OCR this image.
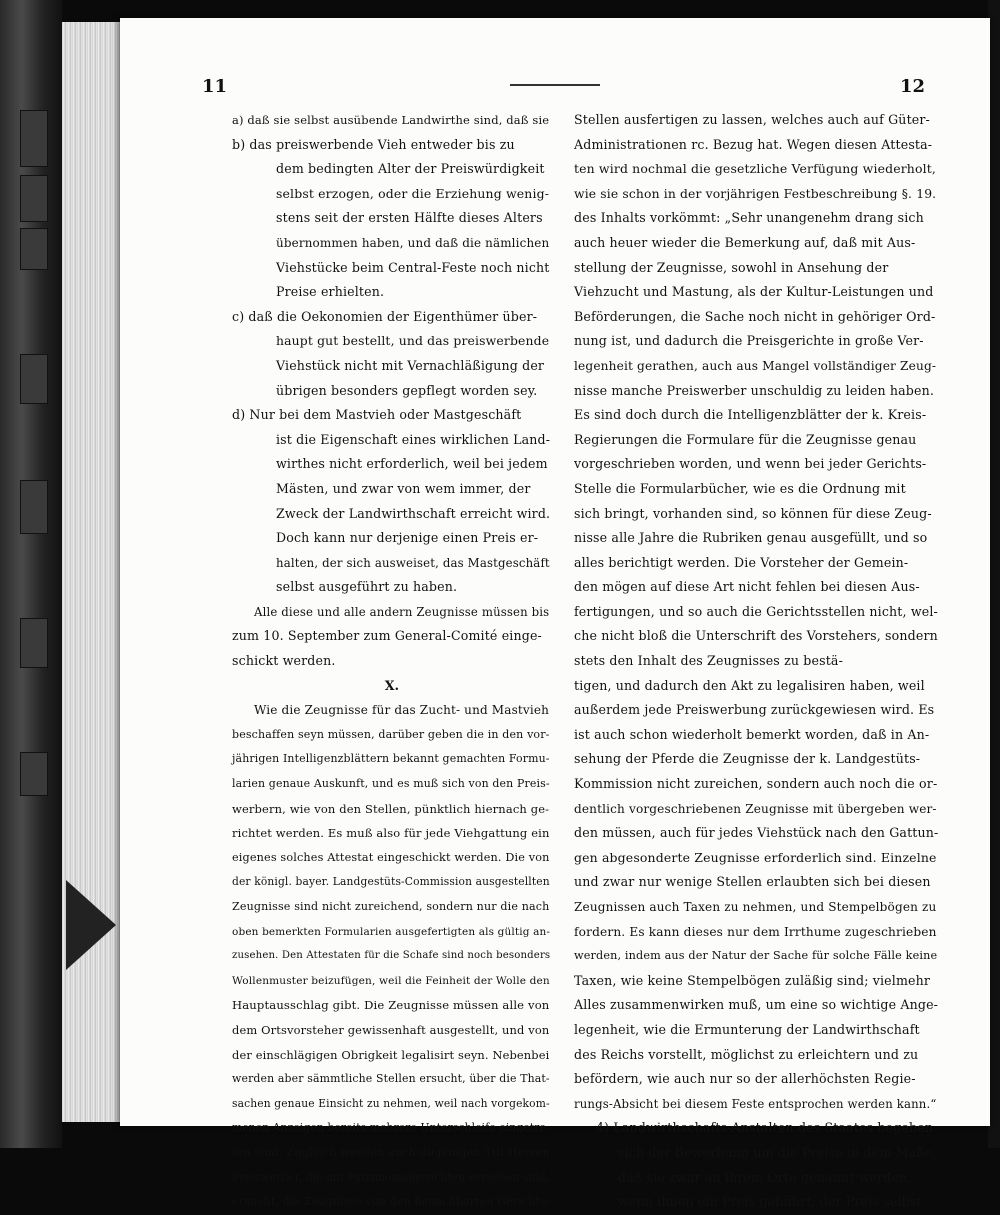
11	12

a) daß sie selbst ausübende Landwirthe sind, daß sie

b) das preiswerbende Vieh entweder bis zu

dem bedingten Alter der Preiswürdigkeit

selbst erzogen, oder die Erziehung wenig-

stens seit der ersten Hälfte dieses Alters

übernommen haben, und daß die nämlichen

Viehstücke beim Central-Feste noch nicht

Preise erhielten.

c) daß die Oekonomien der Eigenthümer über-

haupt gut bestellt, und das preiswerbende

Viehstück nicht mit Vernachläßigung der

übrigen besonders gepflegt worden sey.

d) Nur bei dem Mastvieh oder Mastgeschäft

ist die Eigenschaft eines wirklichen Land-

wirthes nicht erforderlich, weil bei jedem

Mästen, und zwar von wem immer, der

Zweck der Landwirthschaft erreicht wird.

Doch kann nur derjenige einen Preis er-

halten, der sich ausweiset, das Mastgeschäft

selbst ausgeführt zu haben.

Alle diese und alle andern Zeugnisse müssen bis

zum 10. September zum General-Comité einge-

schickt werden.

X.

Wie die Zeugnisse für das Zucht- und Mastvieh

beschaffen seyn müssen, darüber geben die in den vor-

jährigen Intelligenzblättern bekannt gemachten Formu-

larien genaue Auskunft, und es muß sich von den Preis-

werbern, wie von den Stellen, pünktlich hiernach ge-

richtet werden. Es muß also für jede Viehgattung ein

eigenes solches Attestat eingeschickt werden. Die von

der königl. bayer. Landgestüts-Commission ausgestellten

Zeugnisse sind nicht zureichend, sondern nur die nach

oben bemerkten Formularien ausgefertigten als gültig an-

zusehen. Den Attestaten für die Schafe sind noch besonders

Wollenmuster beizufügen, weil die Feinheit der Wolle den

Hauptausschlag gibt. Die Zeugnisse müssen alle von

dem Ortsvorsteher gewissenhaft ausgestellt, und von

der einschlägigen Obrigkeit legalisirt seyn. Nebenbei

werden aber sämmtliche Stellen ersucht, über die That-

sachen genaue Einsicht zu nehmen, weil nach vorgekom-

menen Anzeigen bereits mehrere Unterschleife eingetre-

ten sind. Zugleich werden auch diejenigen Titl Herren

Preiswerber, die mit Patrimonialgerichten versehen sind,

ersucht, die Zeugnisse von den benachbarten Gerichts-

Stellen ausfertigen zu lassen, welches auch auf Güter-

Administrationen rc. Bezug hat. Wegen diesen Attesta-

ten wird nochmal die gesetzliche Verfügung wiederholt,

wie sie schon in der vorjährigen Festbeschreibung §. 19.

des Inhalts vorkömmt: „Sehr unangenehm drang sich

auch heuer wieder die Bemerkung auf, daß mit Aus-

stellung der Zeugnisse, sowohl in Ansehung der

Viehzucht und Mastung, als der Kultur-Leistungen und

Beförderungen, die Sache noch nicht in gehöriger Ord-

nung ist, und dadurch die Preisgerichte in große Ver-

legenheit gerathen, auch aus Mangel vollständiger Zeug-

nisse manche Preiswerber unschuldig zu leiden haben.

Es sind doch durch die Intelligenzblätter der k. Kreis-

Regierungen die Formulare für die Zeugnisse genau

vorgeschrieben worden, und wenn bei jeder Gerichts-

Stelle die Formularbücher, wie es die Ordnung mit

sich bringt, vorhanden sind, so können für diese Zeug-

nisse alle Jahre die Rubriken genau ausgefüllt, und so

alles berichtigt werden. Die Vorsteher der Gemein-

den mögen auf diese Art nicht fehlen bei diesen Aus-

fertigungen, und so auch die Gerichtsstellen nicht, wel-

che nicht bloß die Unterschrift des Vorstehers, sondern

stets den Inhalt des Zeugnisses zu bestä-

tigen, und dadurch den Akt zu legalisiren haben, weil

außerdem jede Preiswerbung zurückgewiesen wird. Es

ist auch schon wiederholt bemerkt worden, daß in An-

sehung der Pferde die Zeugnisse der k. Landgestüts-

Kommission nicht zureichen, sondern auch noch die or-

dentlich vorgeschriebenen Zeugnisse mit übergeben wer-

den müssen, auch für jedes Viehstück nach den Gattun-

gen abgesonderte Zeugnisse erforderlich sind. Einzelne

und zwar nur wenige Stellen erlaubten sich bei diesen

Zeugnissen auch Taxen zu nehmen, und Stempelbögen zu

fordern. Es kann dieses nur dem Irrthume zugeschrieben

werden, indem aus der Natur der Sache für solche Fälle keine

Taxen, wie keine Stempelbögen zuläßig sind; vielmehr

Alles zusammenwirken muß, um eine so wichtige Ange-

legenheit, wie die Ermunterung der Landwirthschaft

des Reichs vorstellt, möglichst zu erleichtern und zu

befördern, wie auch nur so der allerhöchsten Regie-

rungs-Absicht bei diesem Feste entsprochen werden kann.“

4) Landwirthschafts-Anstalten des Staates begeben

sich der Bewerbung um die Preise in dem Maße,

daß sie zwar an ihrem Orte genannt werden,

wenn ihnen ein Preis gebührt, der Preis selbst
